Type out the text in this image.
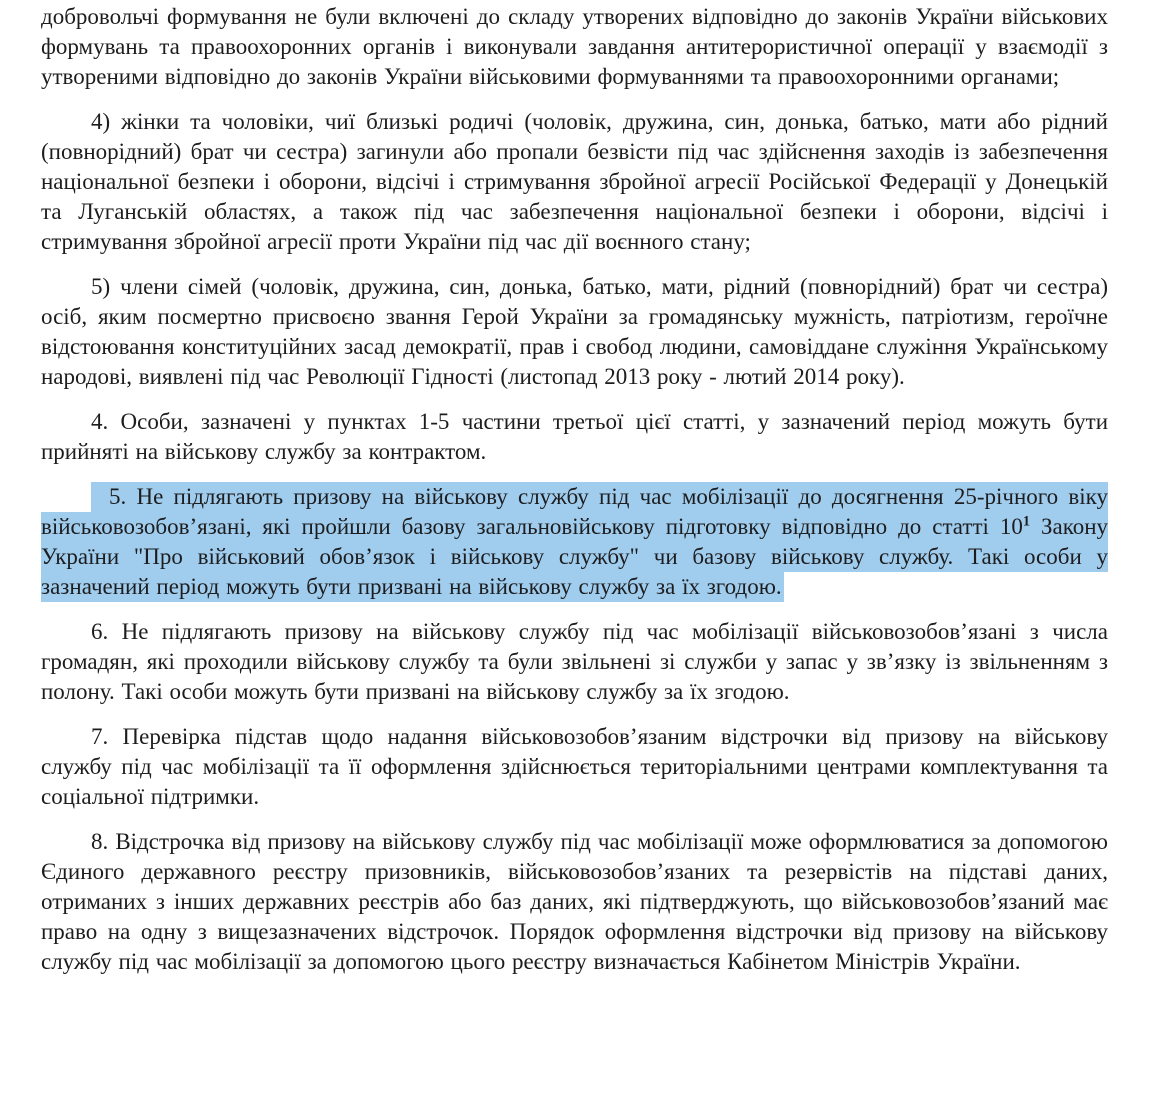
добровольчі формування не були включені до складу утворених відповідно до законів України військових формувань та правоохоронних органів і виконували завдання антитерористичної операції у взаємодії з утвореними відповідно до законів України військовими формуваннями та правоохоронними органами;

4) жінки та чоловіки, чиї близькі родичі (чоловік, дружина, син, донька, батько, мати або рідний (повнорідний) брат чи сестра) загинули або пропали безвісти під час здійснення заходів із забезпечення національної безпеки і оборони, відсічі і стримування збройної агресії Російської Федерації у Донецькій та Луганській областях, а також під час забезпечення національної безпеки і оборони, відсічі і стримування збройної агресії проти України під час дії воєнного стану;

5) члени сімей (чоловік, дружина, син, донька, батько, мати, рідний (повнорідний) брат чи сестра) осіб, яким посмертно присвоєно звання Герой України за громадянську мужність, патріотизм, героїчне відстоювання конституційних засад демократії, прав і свобод людини, самовіддане служіння Українському народові, виявлені під час Революції Гідності (листопад 2013 року - лютий 2014 року).

4. Особи, зазначені у пунктах 1-5 частини третьої цієї статті, у зазначений період можуть бути прийняті на військову службу за контрактом.

5. Не підлягають призову на військову службу під час мобілізації до досягнення 25-річного віку військовозобов’язані, які пройшли базову загальновійськову підготовку відповідно до статті $10^1$ Закону України "Про військовий обов’язок і військову службу" чи базову військову службу. Такі особи у зазначений період можуть бути призвані на військову службу за їх згодою.

6. Не підлягають призову на військову службу під час мобілізації військовозобов’язані з числа громадян, які проходили військову службу та були звільнені зі служби у запас у зв’язку із звільненням з полону. Такі особи можуть бути призвані на військову службу за їх згодою.

7. Перевірка підстав щодо надання військовозобов’язаним відстрочки від призову на військову службу під час мобілізації та її оформлення здійснюється територіальними центрами комплектування та соціальної підтримки.

8. Відстрочка від призову на військову службу під час мобілізації може оформлюватися за допомогою Єдиного державного реєстру призовників, військовозобов’язаних та резервістів на підставі даних, отриманих з інших державних реєстрів або баз даних, які підтверджують, що військовозобов’язаний має право на одну з вищезазначених відстрочок. Порядок оформлення відстрочки від призову на військову службу під час мобілізації за допомогою цього реєстру визначається Кабінетом Міністрів України.
